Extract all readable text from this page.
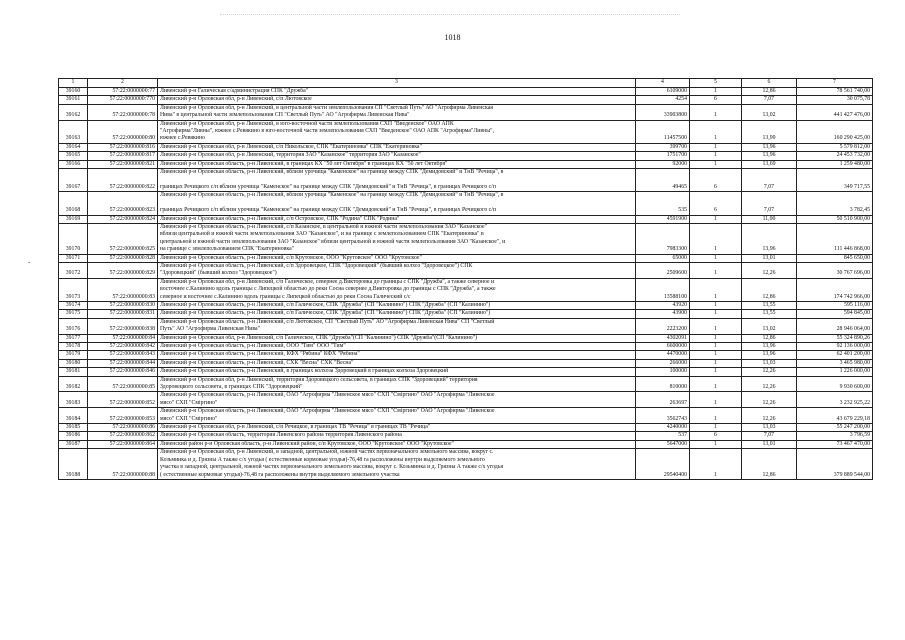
1018
-
1	2	3	4	5	6	7
39160	57:22:0000000:77	Ливенский р-н Галическая с/администрация СПК "Дружба"	6109000	1	12,86	78 561 740,00
39161	57:22:0000000:770	Ливенский р-н Орловская обл, р-н Ливенский, с/п Лютовское	4254	6	7,07	30 075,78
39162	57:22:0000000:78	Ливенский р-н Орловская обл, р-н Ливенский, в центральной части землепользования СП "Светлый Путь" АО "Агрофирма Ливенская
Нива" в центральной части землепользования СП "Светлый Путь" АО "Агрофирма Ливенская Нива"	33903800	1	13,02	441 427 476,00
39163	57:22:0000000:80	Ливенский р-н Орловская обл, р-н Ливенский, в юго-восточной части землепользования СХП "Введенское" ОАО АПК
"Агрофирма"Ливны", южнее с.Ревякино в юго-восточной части землепользования СХП "Введенское" ОАО АПК "Агрофирма"Ливны",
южнее с.Ревякино	11457500	1	13,99	160 290 425,00
39164	57:22:0000000:816	Ливенский р-н Орловская обл, р-н Ливенский, с/п Никольское, СПК "Екатериновка" СПК "Екатериновка"	399700	1	13,96	5 579 812,00
39165	57:22:0000000:817	Ливенский р-н Орловская обл, р-н Ливенский, территория ЗАО "Казанское" территория ЗАО "Казанское"	1751700	1	13,96	24 453 732,00
39166	57:22:0000000:821	Ливенский р-н Орловская область, р-н Ливенский, в границах КХ "50 лет Октября" в границах КХ "50 лет Октября"	92000	1	13,69	1 259 480,00
39167	57:22:0000000:822	Ливенский р-н Орловская область, р-н Ливенский, вблизи урочища "Каменское" на границе между СПК "Демидовский" и ТнВ "Речица", в

границах Речицкого с/п вблизи урочища "Каменское" на границе между СПК "Демидовский" и ТнВ "Речица", в границах Речицкого с/п	49465	6	7,07	349 717,55
39168	57:22:0000000:823	Ливенский р-н Орловская область, р-н Ливенский, вблизи урочища "Каменское" на границе между СПК "Демидовский" и ТнВ "Речица", в

границах Речицкого с/п вблизи урочища "Каменское" на границе между СПК "Демидовский" и ТнВ "Речица", в границах Речицкого с/п	535	6	7,07	3 782,45
39169	57:22:0000000:824	Ливенский р-н Орловская область, р-н Ливенский, с/п Островское, СПК "Родина" СПК "Родина"	4591900	1	11,00	50 510 900,00
39170	57:22:0000000:825	Ливенский р-н Орловская область, р-н Ливенский, с/п Казанское, в центральной и южной части землепользования ЗАО "Казанское"
вблизи центральной и южной части землепользования ЗАО "Казанское", и на границе с землепользованием СПК "Екатериновка" в
центральной и южной части землепользования ЗАО "Казанское" вблизи центральной и южной части землепользования ЗАО "Казанское", и
на границе с землепользованием СПК "Екатериновка"	7983300	1	13,96	111 446 868,00
39171	57:22:0000000:828	Ливенский р-н Орловская область, р-н Ливенский, с/п Крутовское, ООО "Крутовское" ООО "Крутовское"	65000	1	13,01	845 650,00
39172	57:22:0000000:829	Ливенский р-н Орловская область, р-н Ливенский, с/п Здоровецкое, СПК "Здоровецкий" (бывший колхоз "Здоровецкое") СПК
"Здоровецкий" (бывший колхоз "Здоровецкое")	2509600	1	12,26	30 767 696,00
39173	57:22:0000000:83	Ливенский р-н Орловская обл, р-н Ливенский, с/п Галическое, севернее д.Викторовка до границы с СПК "Дружба", а также северное и
восточнее с.Калинино вдоль границы с Липецкой областью до реки Сосна севернее д.Викторовка до границы с СПК "Дружба", а также
северное и восточнее с.Калинино вдоль границы с Липецкой областью до реки Сосна Галический с/с	13588100	1	12,86	174 742 966,00
39174	57:22:0000000:830	Ливенский р-н Орловская область, р-н Ливенский, с/п Галическое, СПК "Дружба" (СП "Калинино") СПК "Дружба" (СП "Калинино")	43920	1	13,55	595 116,00
39175	57:22:0000000:831	Ливенский р-н Орловская область, р-н Ливенский, с/п Галическое, СПК "Дружба" (СП "Калинино") СПК "Дружба" (СП "Калинино")	43900	1	13,55	594 845,00
39176	57:22:0000000:838	Ливенский р-н Орловская область, р-н Ливенский, с/п Лютовское, СП "Светлый Путь" АО "Агрофирма Ливенская Нива" СП "Светлый
Путь" АО "Агрофирма Ливенская Нива"	2223200	1	13,02	28 946 064,00
39177	57:22:0000000:84	Ливенский р-н Орловская обл, р-н Ливенский, с/п Галическое, СПК "Дружба"(СП "Калинино") СПК "Дружба"(СП "Калинино")	4302091	1	12,86	55 324 890,26
39178	57:22:0000000:842	Ливенский р-н Орловская область, р-н Ливенский, ООО "Тим" ООО "Тим"	6600000	1	13,96	92 136 000,00
39179	57:22:0000000:843	Ливенский р-н Орловская область, р-н Ливенский, КФХ "Рябина" КФХ "Рябина"	4470000	1	13,96	62 401 200,00
39180	57:22:0000000:844	Ливенский р-н Орловская область, р-н Ливенский, СХК "Весна" СХК "Весна"	266000	1	13,03	3 465 980,00
39181	57:22:0000000:846	Ливенский р-н Орловская область, р-н Ливенский, в границах колхоза Здоровецкий в границах колхоза Здоровецкий	100000	1	12,26	1 226 000,00
39182	57:22:0000000:85	Ливенский р-н Орловская обл, р-н Ливенский, территория Здоровецкого сельсовета, в границах СПК "Здоровецкий" территория
Здоровецкого сельсовета, в границах СПК "Здоровецкий"	810000	1	12,26	9 930 600,00
39183	57:22:0000000:852	Ливенский р-н Орловская область, р-н Ливенский, ОАО "Агрофирма "Ливенское мясо" СХП "Сміргино" ОАО "Агрофирма "Ливенское
мясо" СХП "Сміргино"	263697	1	12,26	3 232 925,22
39184	57:22:0000000:853	Ливенский р-н Орловская область, р-н Ливенский, ОАО "Агрофирма "Ливенское мясо" СХП "Сміргино" ОАО "Агрофирма "Ливенское
мясо" СХП "Сміргино"	3562743	1	12,26	43 679 229,18
39185	57:22:0000000:86	Ливенский р-н Орловская обл, р-н Ливенский, с/п Речицкое, в границах ТВ "Речица" в границах ТВ "Речица"	4240000	1	13,03	55 247 200,00
39186	57:22:0000000:862	Ливенский р-н Орловская область, территория Ливенского района территория Ливенского района	537	6	7,07	3 796,59
39187	57:22:0000000:864	Ливенский район р-н Орловская область, р-н Ливенский район, с/п Крутовское, ООО "Крутовское" ООО "Крутовское"	5647000	1	13,01	73 467 470,00
39188	57:22:0000000:88	Ливенский р-н Орловская обл, р-н Ливенский, в западной, центральной, южной частях первоначального земельного массива, вокруг с.
Козьминка и д. Грязны А также с/х угодья ( естественные кормовые угодья)-76,48 га расположены внутри выделяемого земельного
участка в западной, центральной, южной частях первоначального земельного массива, вокруг с. Козьминка и д. Грязны А также с/х угодья
( естественные кормовые угодья)-76,48 га расположены внутри выделяемого земельного участка	29540400	1	12,86	379 889 544,00
